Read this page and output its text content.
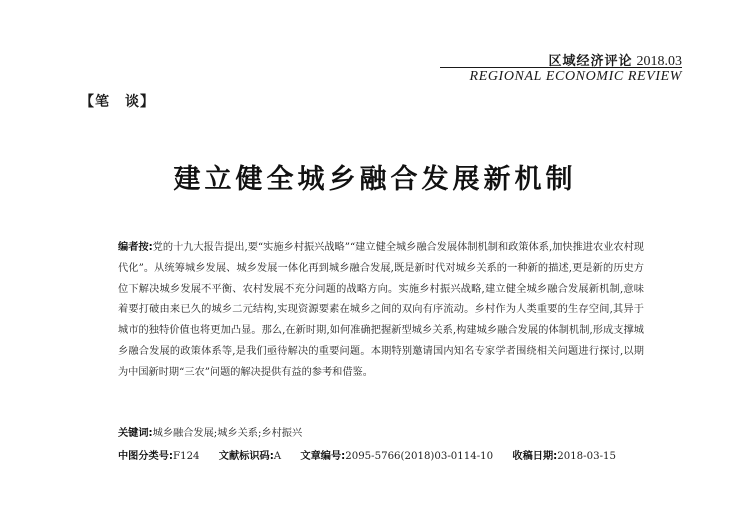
区域经济评论 2018.03
REGIONAL ECONOMIC REVIEW
【笔　谈】
建立健全城乡融合发展新机制
编者按:党的十九大报告提出,要“实施乡村振兴战略”“建立健全城乡融合发展体制机制和政策体系,加快推进农业农村现代化”。从统筹城乡发展、城乡发展一体化再到城乡融合发展,既是新时代对城乡关系的一种新的描述,更是新的历史方位下解决城乡发展不平衡、农村发展不充分问题的战略方向。实施乡村振兴战略,建立健全城乡融合发展新机制,意味着要打破由来已久的城乡二元结构,实现资源要素在城乡之间的双向有序流动。乡村作为人类重要的生存空间,其异于城市的独特价值也将更加凸显。那么,在新时期,如何准确把握新型城乡关系,构建城乡融合发展的体制机制,形成支撑城乡融合发展的政策体系等,是我们亟待解决的重要问题。本期特别邀请国内知名专家学者围绕相关问题进行探讨,以期为中国新时期“三农”问题的解决提供有益的参考和借鉴。
关键词:城乡融合发展;城乡关系;乡村振兴
中图分类号:F124 文献标识码:A 文章编号:2095-5766(2018)03-0114-10 收稿日期:2018-03-15
